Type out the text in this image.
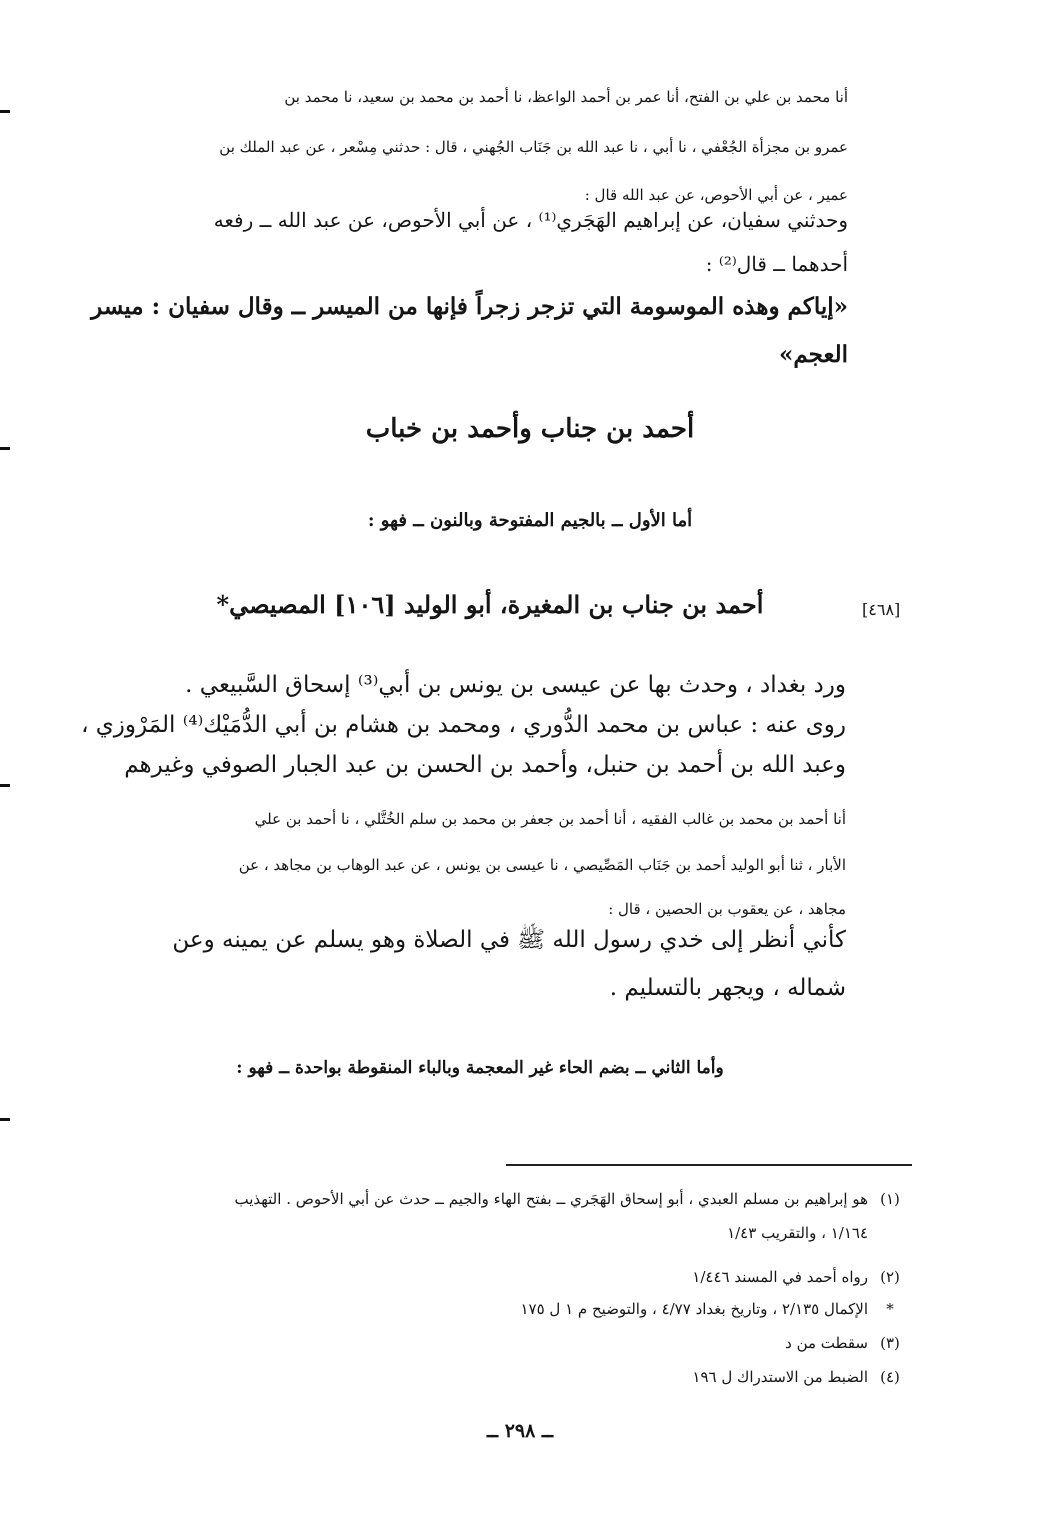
أنا محمد بن علي بن الفتح، أنا عمر بن أحمد الواعظ، نا أحمد بن محمد بن سعيد، نا محمد بن
عمرو بن مجزأة الجُعْفي ، نا أبي ، نا عبد الله بن جَنَاب الجُهني ، قال : حدثني مِسْعر ، عن عبد الملك بن
عمير ، عن أبي الأحوص، عن عبد الله قال :
وحدثني سفيان، عن إبراهيم الهَجَري⁽¹⁾ ، عن أبي الأحوص، عن عبد الله ــ رفعه
أحدهما ــ قال⁽²⁾ :
«إياكم وهذه الموسومة التي تزجر زجراً فإنها من الميسر ــ وقال سفيان : ميسر
العجم»
أحمد بن جناب وأحمد بن خباب
أما الأول ــ بالجيم المفتوحة وبالنون ــ فهو :
[٤٦٨]
أحمد بن جناب بن المغيرة، أبو الوليد [١٠٦] المصيصي*
ورد بغداد ، وحدث بها عن عيسى بن يونس بن أبي⁽³⁾ إسحاق السَّبيعي .
روى عنه : عباس بن محمد الدُّوري ، ومحمد بن هشام بن أبي الدُّمَيْك⁽⁴⁾ المَرْوزي ،
وعبد الله بن أحمد بن حنبل، وأحمد بن الحسن بن عبد الجبار الصوفي وغيرهم
أنا أحمد بن محمد بن غالب الفقيه ، أنا أحمد بن جعفر بن محمد بن سلم الخُتَّلي ، نا أحمد بن علي
الأبار ، ثنا أبو الوليد أحمد بن جَنَاب المَصِّيصي ، نا عيسى بن يونس ، عن عبد الوهاب بن مجاهد ، عن
مجاهد ، عن يعقوب بن الحصين ، قال :
كأني أنظر إلى خدي رسول الله ﷺ في الصلاة وهو يسلم عن يمينه وعن
شماله ، ويجهر بالتسليم .
وأما الثاني ــ بضم الحاء غير المعجمة وبالباء المنقوطة بواحدة ــ فهو :
(١)
هو إبراهيم بن مسلم العبدي ، أبو إسحاق الهَجَري ــ بفتح الهاء والجيم ــ حدث عن أبي الأحوص . التهذيب
١/١٦٤ ، والتقريب ١/٤٣
(٢)
رواه أحمد في المسند ١/٤٤٦
*
الإكمال ٢/١٣٥ ، وتاريخ بغداد ٤/٧٧ ، والتوضيح م ١ ل ١٧٥
(٣)
سقطت من د
(٤)
الضبط من الاستدراك ل ١٩٦
ــ ٢٩٨ ــ
